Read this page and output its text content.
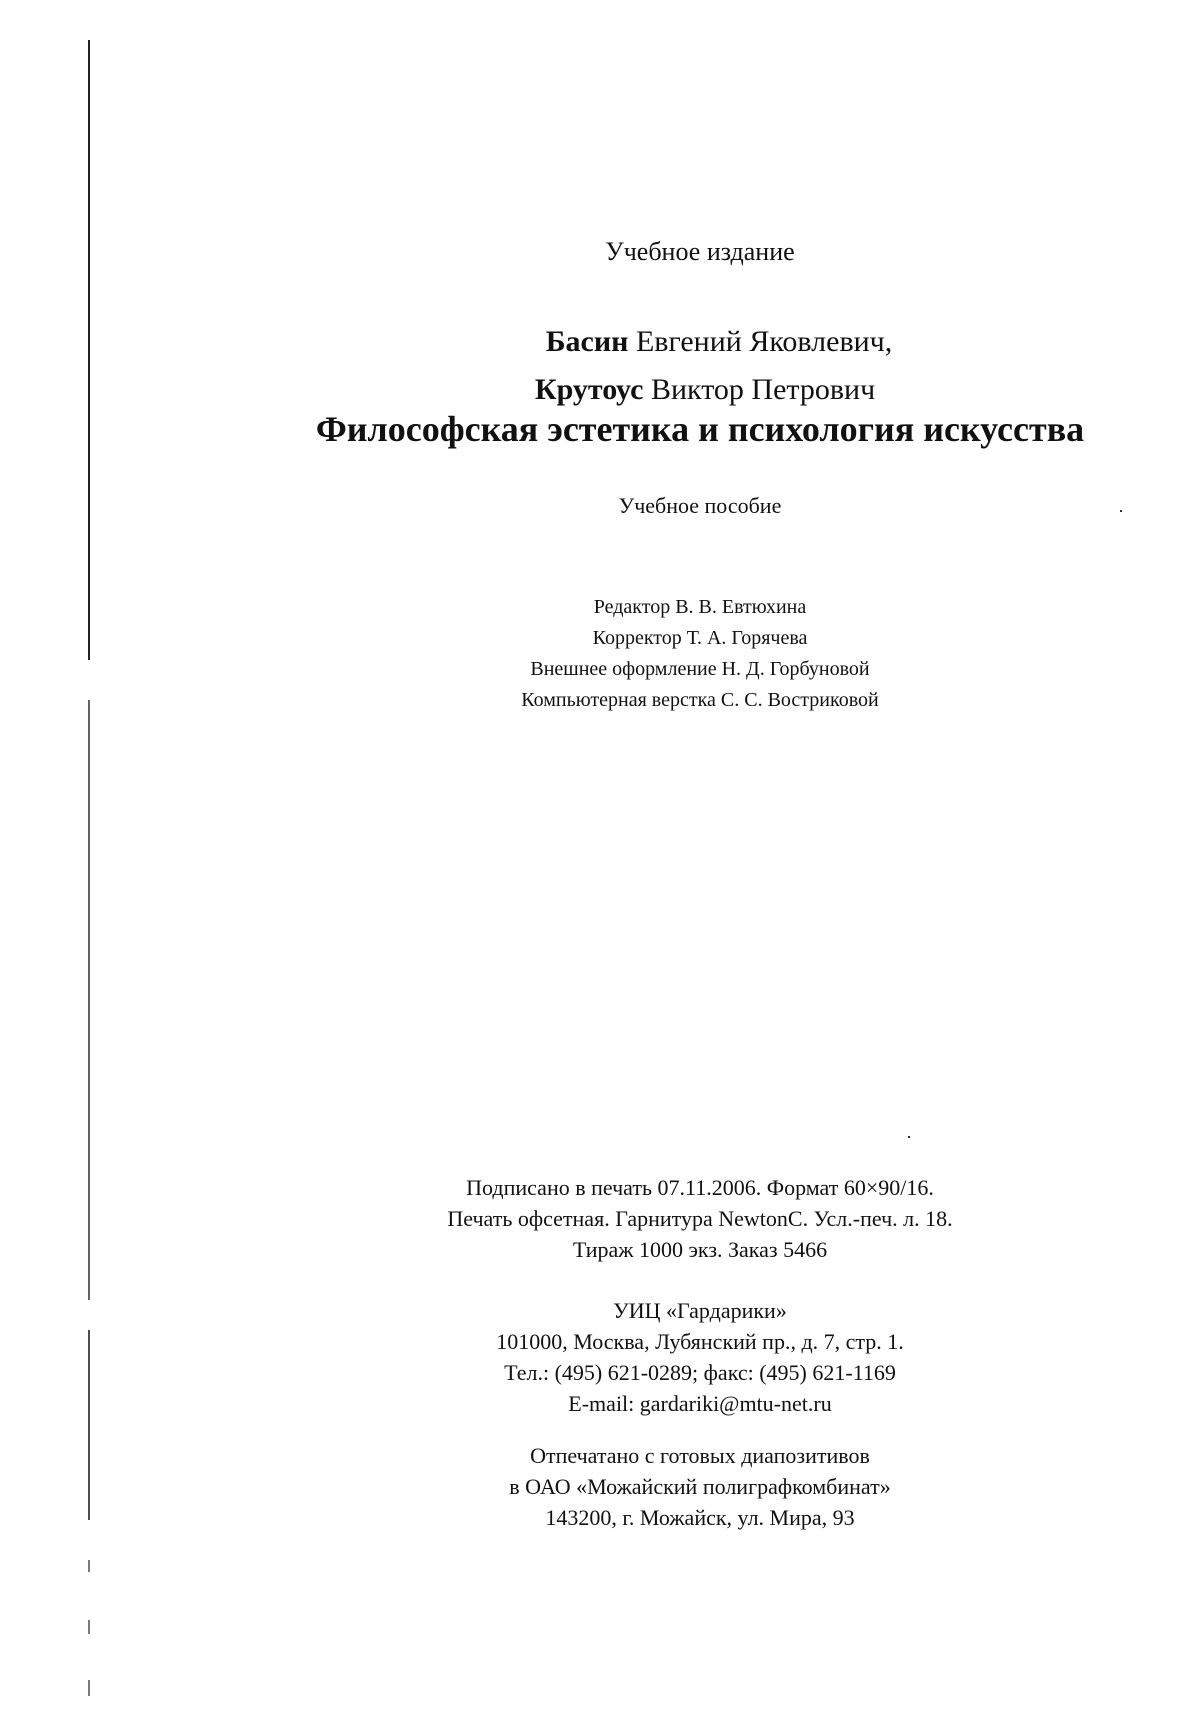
Учебное издание
Басин Евгений Яковлевич,
Крутоус Виктор Петрович
Философская эстетика и психология искусства
Учебное пособие
Редактор В. В. Евтюхина
Корректор Т. А. Горячева
Внешнее оформление Н. Д. Горбуновой
Компьютерная верстка С. С. Востриковой
Подписано в печать 07.11.2006. Формат 60×90/16.
Печать офсетная. Гарнитура NewtonC. Усл.-печ. л. 18.
Тираж 1000 экз. Заказ 5466
УИЦ «Гардарики»
101000, Москва, Лубянский пр., д. 7, стр. 1.
Тел.: (495) 621-0289; факс: (495) 621-1169
E-mail: gardariki@mtu-net.ru
Отпечатано с готовых диапозитивов
в ОАО «Можайский полиграфкомбинат»
143200, г. Можайск, ул. Мира, 93
